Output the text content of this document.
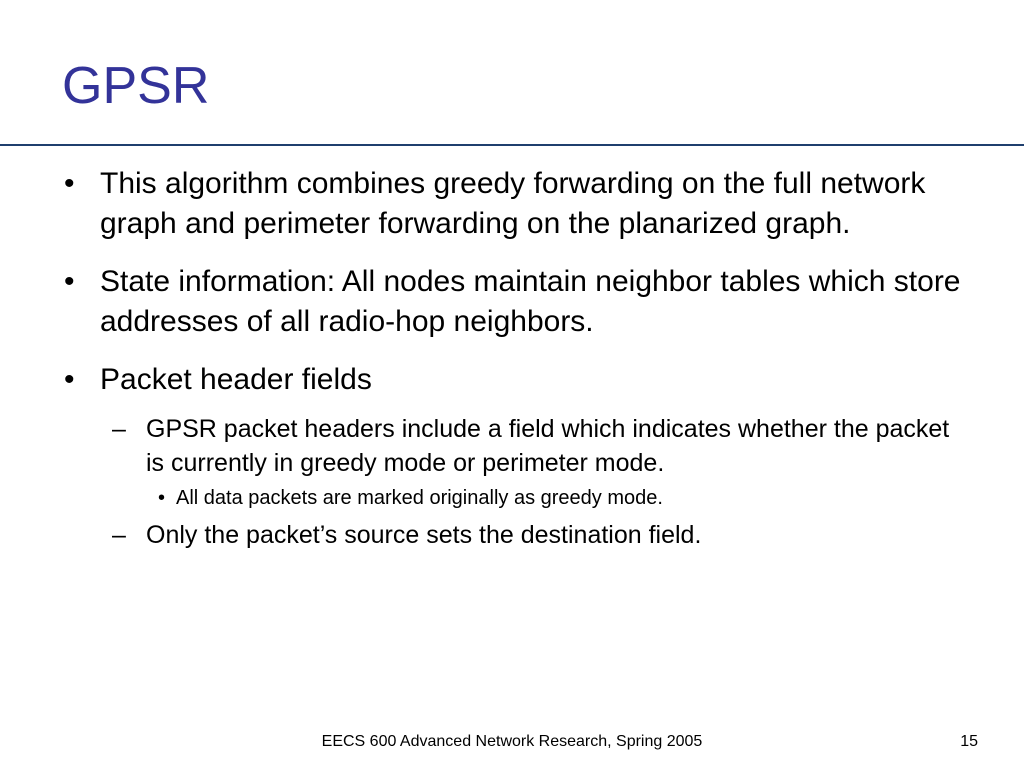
GPSR
• This algorithm combines greedy forwarding on the full network graph and perimeter forwarding on the planarized graph.
• State information: All nodes maintain neighbor tables which store addresses of all radio-hop neighbors.
• Packet header fields
– GPSR packet headers include a field which indicates whether the packet is currently in greedy mode or perimeter mode.
• All data packets are marked originally as greedy mode.
– Only the packet’s source sets the destination field.
EECS 600 Advanced Network Research, Spring 2005	15
